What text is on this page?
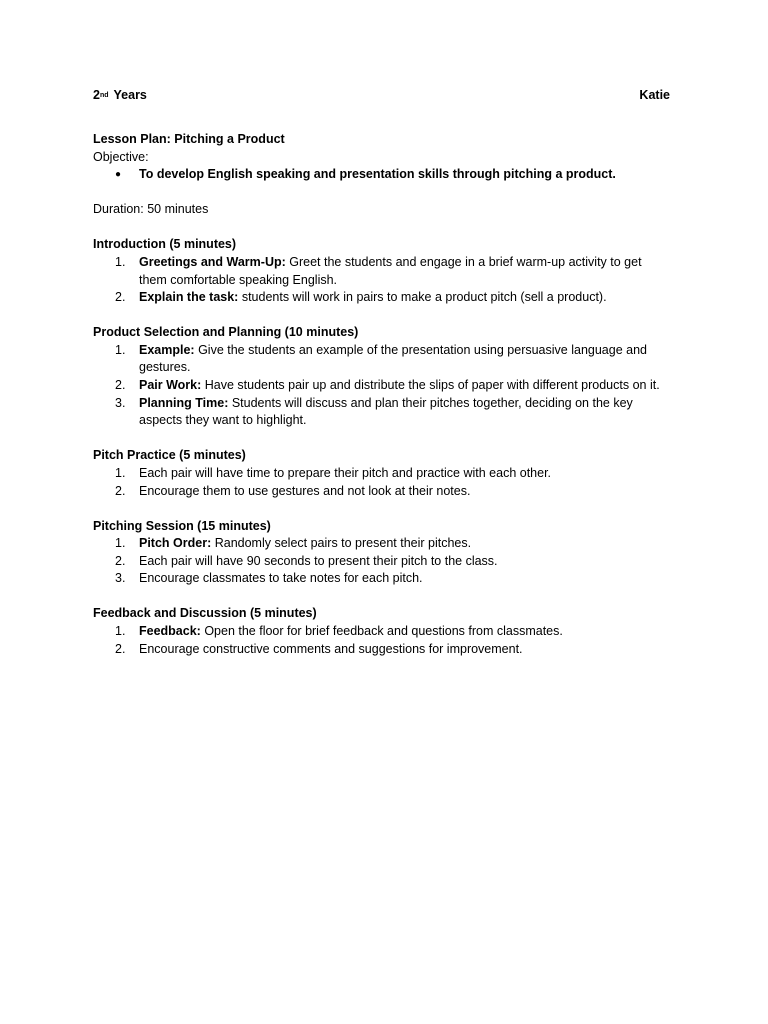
2nd Years	Katie
Lesson Plan: Pitching a Product
Objective:
●	To develop English speaking and presentation skills through pitching a product.
Duration: 50 minutes
Introduction (5 minutes)
1.	Greetings and Warm-Up: Greet the students and engage in a brief warm-up activity to get them comfortable speaking English.
2.	Explain the task: students will work in pairs to make a product pitch (sell a product).
Product Selection and Planning (10 minutes)
1.	Example: Give the students an example of the presentation using persuasive language and gestures.
2.	Pair Work: Have students pair up and distribute the slips of paper with different products on it.
3.	Planning Time: Students will discuss and plan their pitches together, deciding on the key aspects they want to highlight.
Pitch Practice (5 minutes)
1.	Each pair will have time to prepare their pitch and practice with each other.
2.	Encourage them to use gestures and not look at their notes.
Pitching Session (15 minutes)
1.	Pitch Order: Randomly select pairs to present their pitches.
2.	Each pair will have 90 seconds to present their pitch to the class.
3.	Encourage classmates to take notes for each pitch.
Feedback and Discussion (5 minutes)
1.	Feedback: Open the floor for brief feedback and questions from classmates.
2.	Encourage constructive comments and suggestions for improvement.
